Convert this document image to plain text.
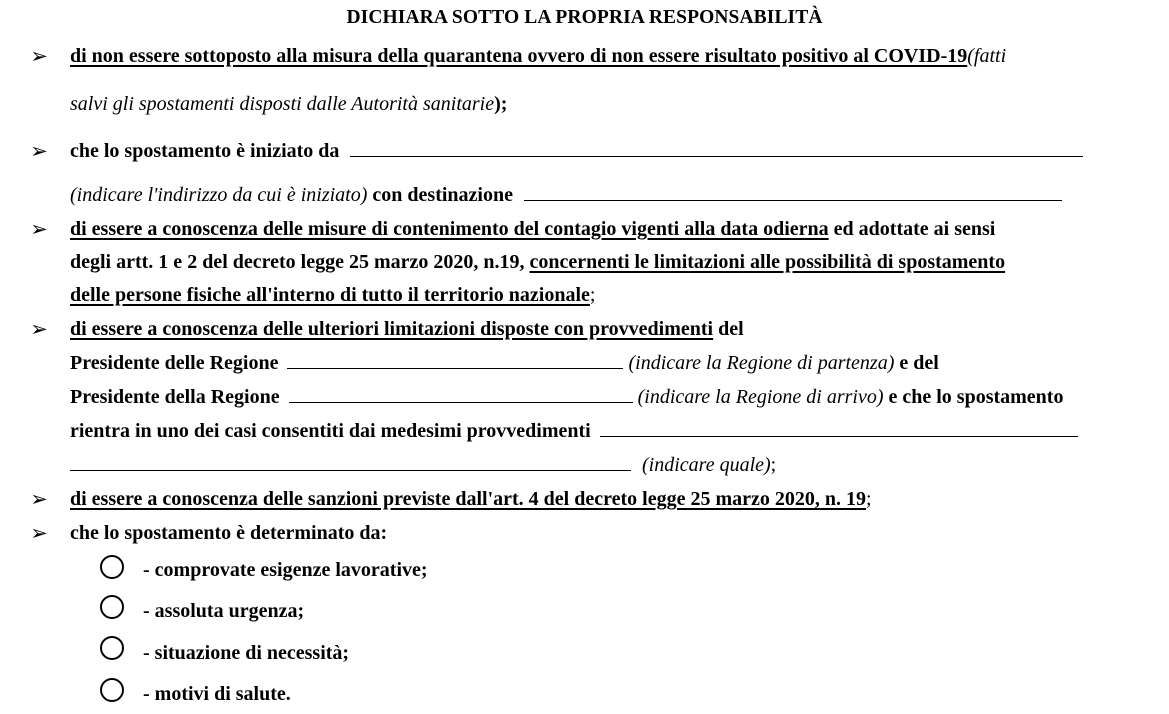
DICHIARA SOTTO LA PROPRIA RESPONSABILITÀ
➢ di non essere sottoposto alla misura della quarantena ovvero di non essere risultato positivo al COVID-19(fatti
salvi gli spostamenti disposti dalle Autorità sanitarie);
➢ che lo spostamento è iniziato da
(indicare l'indirizzo da cui è iniziato) con destinazione
➢ di essere a conoscenza delle misure di contenimento del contagio vigenti alla data odierna ed adottate ai sensi
degli artt. 1 e 2 del decreto legge 25 marzo 2020, n.19, concernenti le limitazioni alle possibilità di spostamento
delle persone fisiche all'interno di tutto il territorio nazionale;
➢ di essere a conoscenza delle ulteriori limitazioni disposte con provvedimenti del
Presidente delle Regione	(indicare la Regione di partenza) e del
Presidente della Regione	(indicare la Regione di arrivo) e che lo spostamento
rientra in uno dei casi consentiti dai medesimi provvedimenti
(indicare quale);
➢ di essere a conoscenza delle sanzioni previste dall'art. 4 del decreto legge 25 marzo 2020, n. 19;
➢ che lo spostamento è determinato da:
- comprovate esigenze lavorative;
- assoluta urgenza;
- situazione di necessità;
- motivi di salute.
